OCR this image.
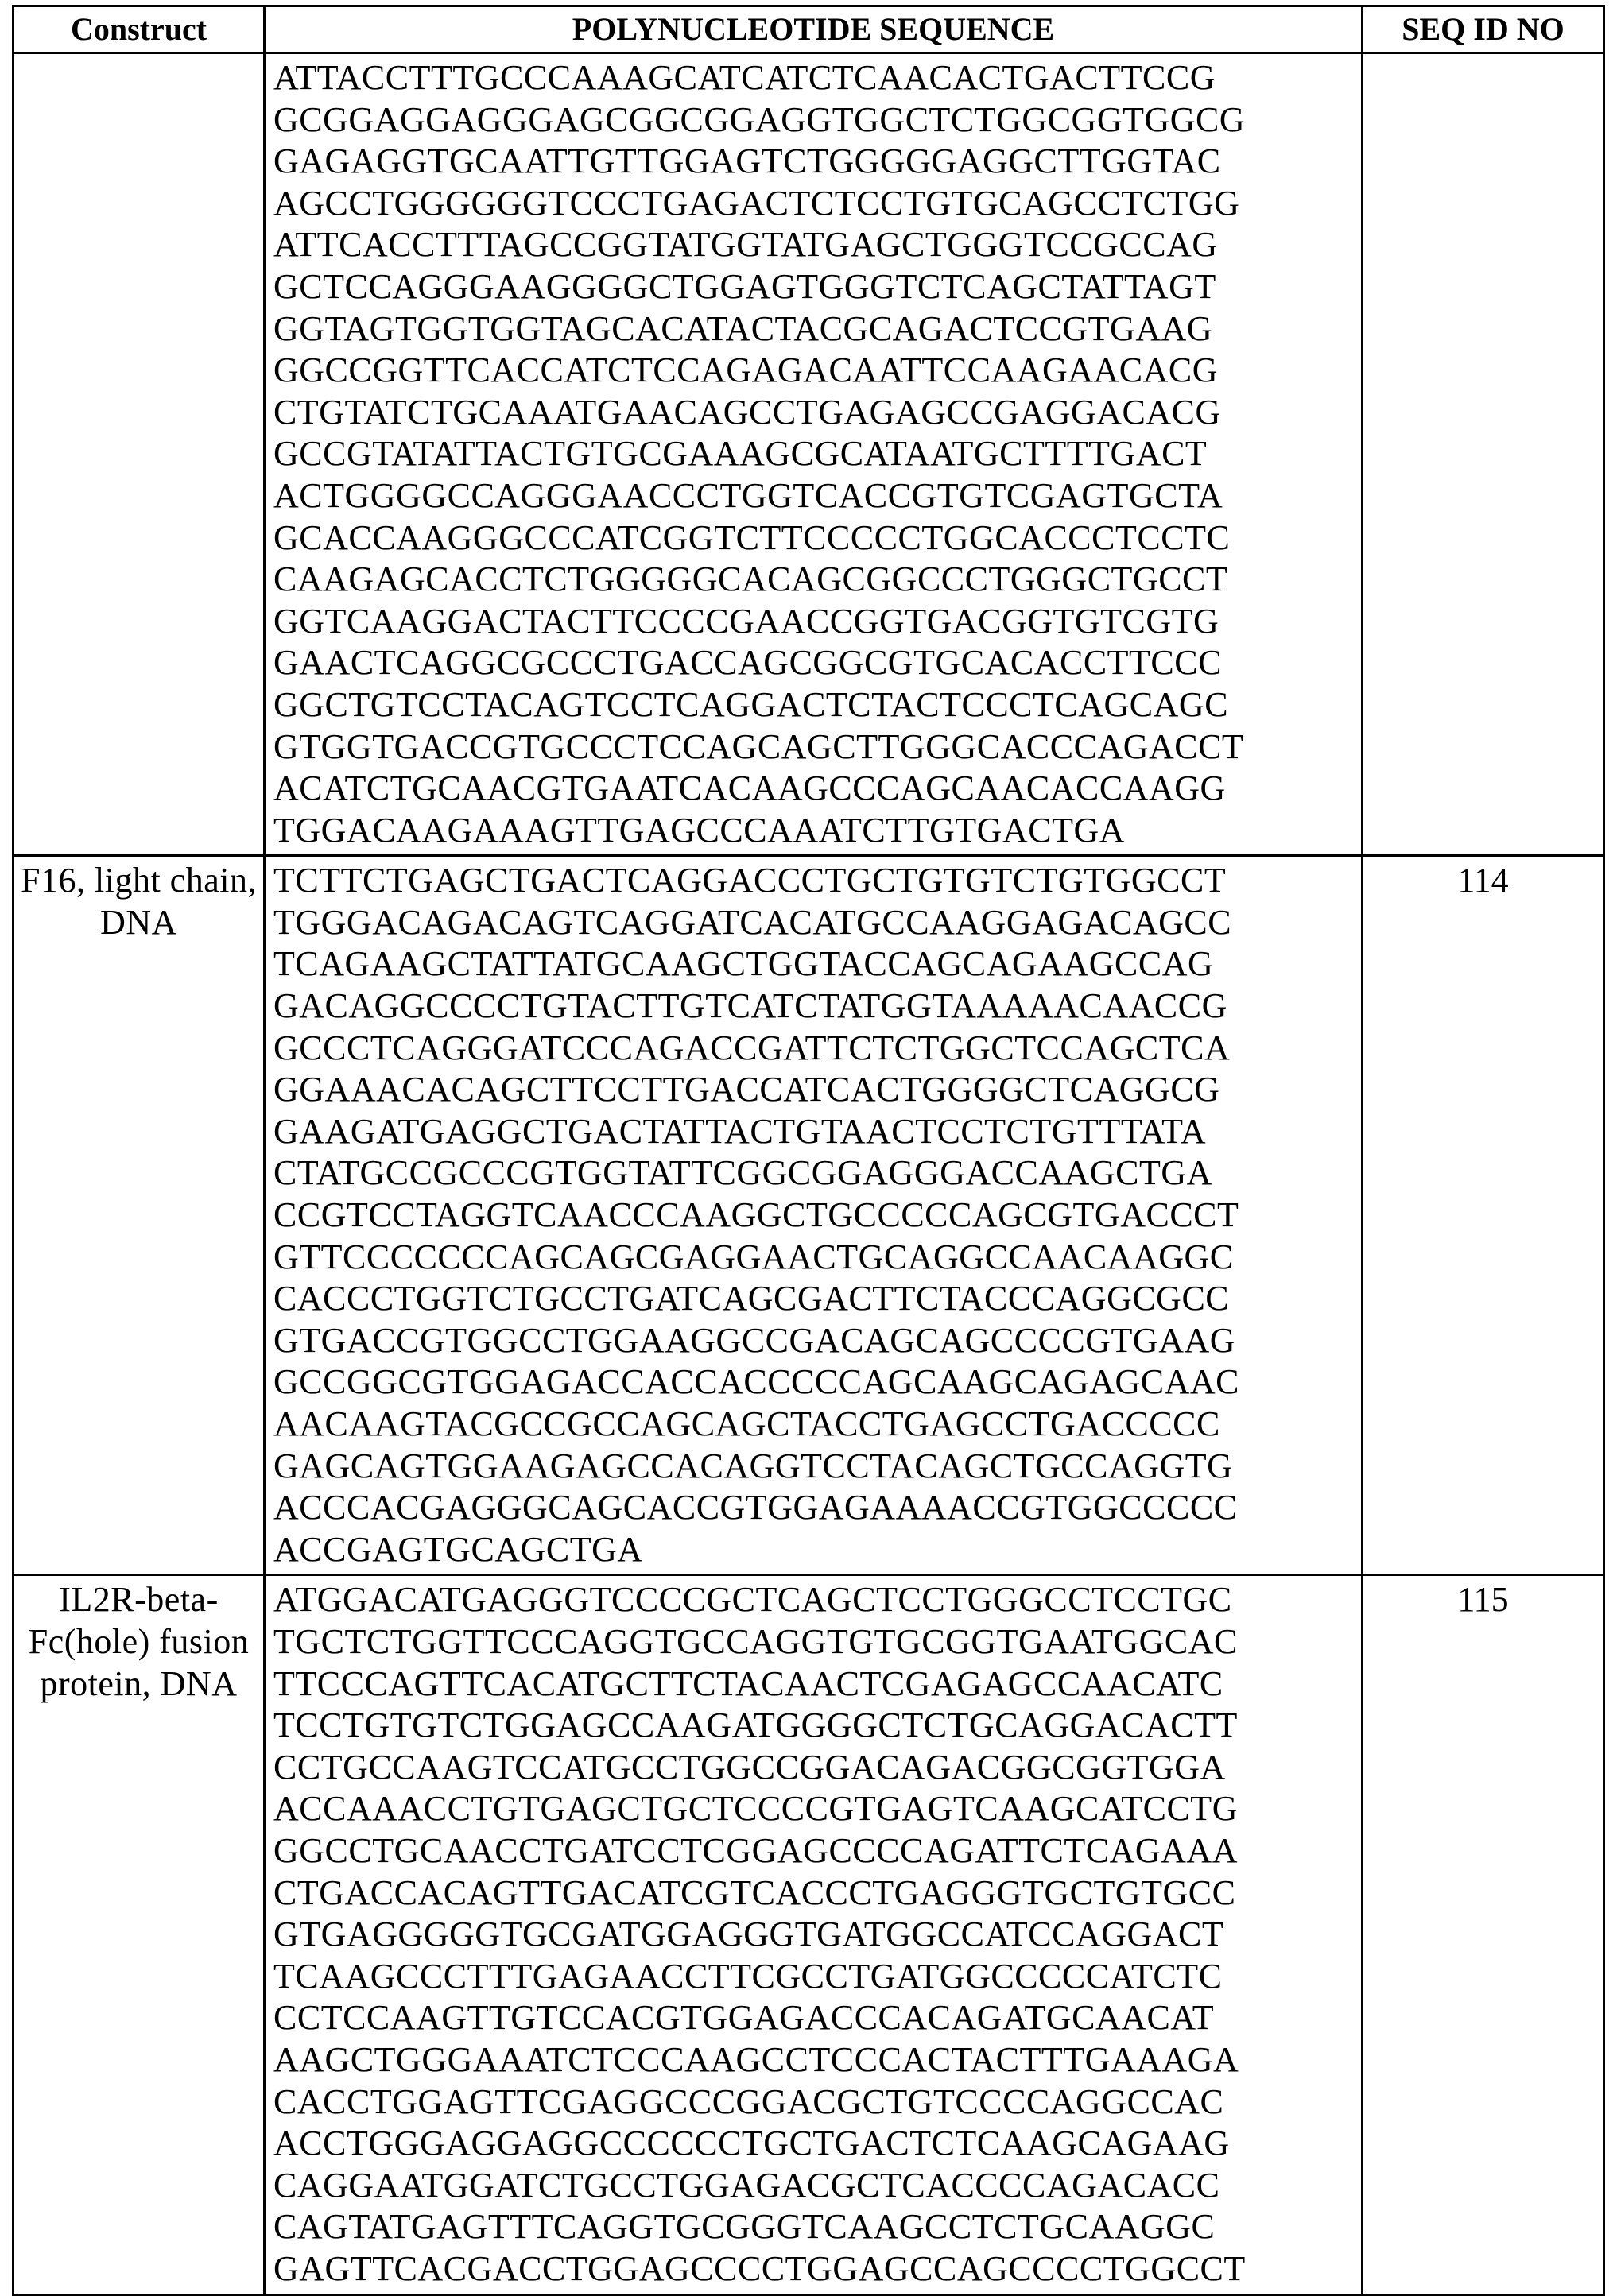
Construct	POLYNUCLEOTIDE SEQUENCE	SEQ ID NO

ATTACCTTTGCCCAAAGCATCATCTCAACACTGACTTCCG
GCGGAGGAGGGAGCGGCGGAGGTGGCTCTGGCGGTGGCG
GAGAGGTGCAATTGTTGGAGTCTGGGGGAGGCTTGGTAC
AGCCTGGGGGGTCCCTGAGACTCTCCTGTGCAGCCTCTGG
ATTCACCTTTAGCCGGTATGGTATGAGCTGGGTCCGCCAG
GCTCCAGGGAAGGGGCTGGAGTGGGTCTCAGCTATTAGT
GGTAGTGGTGGTAGCACATACTACGCAGACTCCGTGAAG
GGCCGGTTCACCATCTCCAGAGACAATTCCAAGAACACG
CTGTATCTGCAAATGAACAGCCTGAGAGCCGAGGACACG
GCCGTATATTACTGTGCGAAAGCGCATAATGCTTTTGACT
ACTGGGGCCAGGGAACCCTGGTCACCGTGTCGAGTGCTA
GCACCAAGGGCCCATCGGTCTTCCCCCTGGCACCCTCCTC
CAAGAGCACCTCTGGGGGCACAGCGGCCCTGGGCTGCCT
GGTCAAGGACTACTTCCCCGAACCGGTGACGGTGTCGTG
GAACTCAGGCGCCCTGACCAGCGGCGTGCACACCTTCCC
GGCTGTCCTACAGTCCTCAGGACTCTACTCCCTCAGCAGC
GTGGTGACCGTGCCCTCCAGCAGCTTGGGCACCCAGACCT
ACATCTGCAACGTGAATCACAAGCCCAGCAACACCAAGG
TGGACAAGAAAGTTGAGCCCAAATCTTGTGACTGA

F16, light chain,
DNA

TCTTCTGAGCTGACTCAGGACCCTGCTGTGTCTGTGGCCT
TGGGACAGACAGTCAGGATCACATGCCAAGGAGACAGCC
TCAGAAGCTATTATGCAAGCTGGTACCAGCAGAAGCCAG
GACAGGCCCCTGTACTTGTCATCTATGGTAAAAACAACCG
GCCCTCAGGGATCCCAGACCGATTCTCTGGCTCCAGCTCA
GGAAACACAGCTTCCTTGACCATCACTGGGGCTCAGGCG
GAAGATGAGGCTGACTATTACTGTAACTCCTCTGTTTATA
CTATGCCGCCCGTGGTATTCGGCGGAGGGACCAAGCTGA
CCGTCCTAGGTCAACCCAAGGCTGCCCCCAGCGTGACCCT
GTTCCCCCCCAGCAGCGAGGAACTGCAGGCCAACAAGGC
CACCCTGGTCTGCCTGATCAGCGACTTCTACCCAGGCGCC
GTGACCGTGGCCTGGAAGGCCGACAGCAGCCCCGTGAAG
GCCGGCGTGGAGACCACCACCCCCAGCAAGCAGAGCAAC
AACAAGTACGCCGCCAGCAGCTACCTGAGCCTGACCCCC
GAGCAGTGGAAGAGCCACAGGTCCTACAGCTGCCAGGTG
ACCCACGAGGGCAGCACCGTGGAGAAAACCGTGGCCCCC
ACCGAGTGCAGCTGA
	114

IL2R-beta-
Fc(hole) fusion
protein, DNA

ATGGACATGAGGGTCCCCGCTCAGCTCCTGGGCCTCCTGC
TGCTCTGGTTCCCAGGTGCCAGGTGTGCGGTGAATGGCAC
TTCCCAGTTCACATGCTTCTACAACTCGAGAGCCAACATC
TCCTGTGTCTGGAGCCAAGATGGGGCTCTGCAGGACACTT
CCTGCCAAGTCCATGCCTGGCCGGACAGACGGCGGTGGA
ACCAAACCTGTGAGCTGCTCCCCGTGAGTCAAGCATCCTG
GGCCTGCAACCTGATCCTCGGAGCCCCAGATTCTCAGAAA
CTGACCACAGTTGACATCGTCACCCTGAGGGTGCTGTGCC
GTGAGGGGGTGCGATGGAGGGTGATGGCCATCCAGGACT
TCAAGCCCTTTGAGAACCTTCGCCTGATGGCCCCCATCTC
CCTCCAAGTTGTCCACGTGGAGACCCACAGATGCAACAT
AAGCTGGGAAATCTCCCAAGCCTCCCACTACTTTGAAAGA
CACCTGGAGTTCGAGGCCCGGACGCTGTCCCCAGGCCAC
ACCTGGGAGGAGGCCCCCCTGCTGACTCTCAAGCAGAAG
CAGGAATGGATCTGCCTGGAGACGCTCACCCCAGACACC
CAGTATGAGTTTCAGGTGCGGGTCAAGCCTCTGCAAGGC
GAGTTCACGACCTGGAGCCCCTGGAGCCAGCCCCTGGCCT
	115
